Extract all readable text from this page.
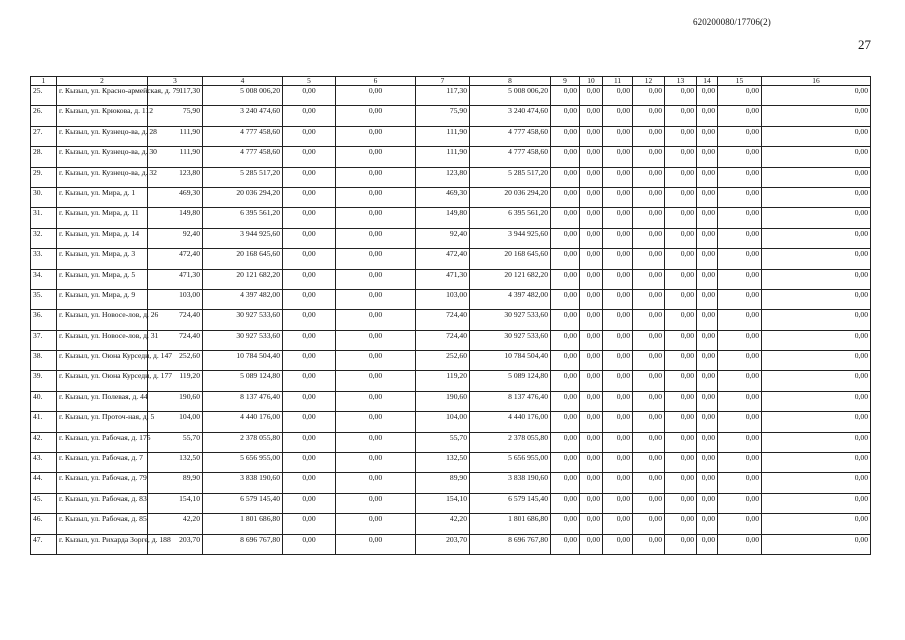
620200080/17706(2)
27
1	2	3	4	5	6	7	8	9	10	11	12	13	14	15	16
25.	г. Кызыл, ул. Красно-армейская, д. 79	117,30	5 008 006,20	0,00	0,00	117,30	5 008 006,20	0,00	0,00	0,00	0,00	0,00	0,00	0,00	0,00
26.	г. Кызыл, ул. Крюкова, д. 112	75,90	3 240 474,60	0,00	0,00	75,90	3 240 474,60	0,00	0,00	0,00	0,00	0,00	0,00	0,00	0,00
27.	г. Кызыл, ул. Кузнецо-ва, д. 28	111,90	4 777 458,60	0,00	0,00	111,90	4 777 458,60	0,00	0,00	0,00	0,00	0,00	0,00	0,00	0,00
28.	г. Кызыл, ул. Кузнецо-ва, д. 30	111,90	4 777 458,60	0,00	0,00	111,90	4 777 458,60	0,00	0,00	0,00	0,00	0,00	0,00	0,00	0,00
29.	г. Кызыл, ул. Кузнецо-ва, д. 32	123,80	5 285 517,20	0,00	0,00	123,80	5 285 517,20	0,00	0,00	0,00	0,00	0,00	0,00	0,00	0,00
30.	г. Кызыл, ул. Мира, д. 1	469,30	20 036 294,20	0,00	0,00	469,30	20 036 294,20	0,00	0,00	0,00	0,00	0,00	0,00	0,00	0,00
31.	г. Кызыл, ул. Мира, д. 11	149,80	6 395 561,20	0,00	0,00	149,80	6 395 561,20	0,00	0,00	0,00	0,00	0,00	0,00	0,00	0,00
32.	г. Кызыл, ул. Мира, д. 14	92,40	3 944 925,60	0,00	0,00	92,40	3 944 925,60	0,00	0,00	0,00	0,00	0,00	0,00	0,00	0,00
33.	г. Кызыл, ул. Мира, д. 3	472,40	20 168 645,60	0,00	0,00	472,40	20 168 645,60	0,00	0,00	0,00	0,00	0,00	0,00	0,00	0,00
34.	г. Кызыл, ул. Мира, д. 5	471,30	20 121 682,20	0,00	0,00	471,30	20 121 682,20	0,00	0,00	0,00	0,00	0,00	0,00	0,00	0,00
35.	г. Кызыл, ул. Мира, д. 9	103,00	4 397 482,00	0,00	0,00	103,00	4 397 482,00	0,00	0,00	0,00	0,00	0,00	0,00	0,00	0,00
36.	г. Кызыл, ул. Новосе-лов, д. 26	724,40	30 927 533,60	0,00	0,00	724,40	30 927 533,60	0,00	0,00	0,00	0,00	0,00	0,00	0,00	0,00
37.	г. Кызыл, ул. Новосе-лов, д. 31	724,40	30 927 533,60	0,00	0,00	724,40	30 927 533,60	0,00	0,00	0,00	0,00	0,00	0,00	0,00	0,00
38.	г. Кызыл, ул. Оюна Курседи, д. 147	252,60	10 784 504,40	0,00	0,00	252,60	10 784 504,40	0,00	0,00	0,00	0,00	0,00	0,00	0,00	0,00
39.	г. Кызыл, ул. Оюна Курседи, д. 177	119,20	5 089 124,80	0,00	0,00	119,20	5 089 124,80	0,00	0,00	0,00	0,00	0,00	0,00	0,00	0,00
40.	г. Кызыл, ул. Полевая, д. 44	190,60	8 137 476,40	0,00	0,00	190,60	8 137 476,40	0,00	0,00	0,00	0,00	0,00	0,00	0,00	0,00
41.	г. Кызыл, ул. Проточ-ная, д. 5	104,00	4 440 176,00	0,00	0,00	104,00	4 440 176,00	0,00	0,00	0,00	0,00	0,00	0,00	0,00	0,00
42.	г. Кызыл, ул. Рабочая, д. 175	55,70	2 378 055,80	0,00	0,00	55,70	2 378 055,80	0,00	0,00	0,00	0,00	0,00	0,00	0,00	0,00
43.	г. Кызыл, ул. Рабочая, д. 7	132,50	5 656 955,00	0,00	0,00	132,50	5 656 955,00	0,00	0,00	0,00	0,00	0,00	0,00	0,00	0,00
44.	г. Кызыл, ул. Рабочая, д. 79	89,90	3 838 190,60	0,00	0,00	89,90	3 838 190,60	0,00	0,00	0,00	0,00	0,00	0,00	0,00	0,00
45.	г. Кызыл, ул. Рабочая, д. 83	154,10	6 579 145,40	0,00	0,00	154,10	6 579 145,40	0,00	0,00	0,00	0,00	0,00	0,00	0,00	0,00
46.	г. Кызыл, ул. Рабочая, д. 85	42,20	1 801 686,80	0,00	0,00	42,20	1 801 686,80	0,00	0,00	0,00	0,00	0,00	0,00	0,00	0,00
47.	г. Кызыл, ул. Рихарда Зорге, д. 188	203,70	8 696 767,80	0,00	0,00	203,70	8 696 767,80	0,00	0,00	0,00	0,00	0,00	0,00	0,00	0,00
